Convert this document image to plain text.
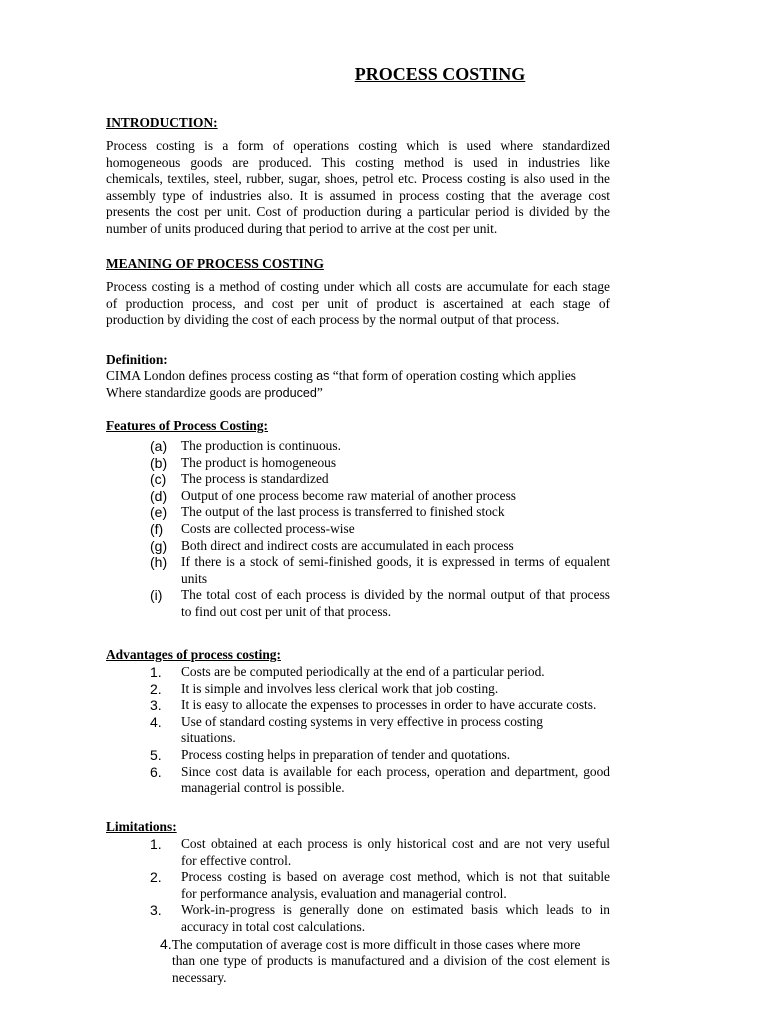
PROCESS COSTING
INTRODUCTION:

Process costing is a form of operations costing which is used where standardized
homogeneous goods are produced. This costing method is used in industries like
chemicals, textiles, steel, rubber, sugar, shoes, petrol etc. Process costing is also used in the
assembly type of industries also. It is assumed in process costing that the average cost
presents the cost per unit. Cost of production during a particular period is divided by the
number of units produced during that period to arrive at the cost per unit.

MEANING OF PROCESS COSTING

Process costing is a method of costing under which all costs are accumulate for each stage
of production process, and cost per unit of product is ascertained at each stage of
production by dividing the cost of each process by the normal output of that process.

Definition:
CIMA London defines process costing as “that form of operation costing which applies
Where standardize goods are produced”
Features of Process Costing:
(a) The production is continuous.
(b) The product is homogeneous
(c) The process is standardized
(d) Output of one process become raw material of another process
(e) The output of the last process is transferred to finished stock
(f) Costs are collected process-wise
(g) Both direct and indirect costs are accumulated in each process
(h) If there is a stock of semi-finished goods, it is expressed in terms of equalent
units
(i) The total cost of each process is divided by the normal output of that process
to find out cost per unit of that process.
Advantages of process costing:
1. Costs are be computed periodically at the end of a particular period.
2. It is simple and involves less clerical work that job costing.
3. It is easy to allocate the expenses to processes in order to have accurate costs.
4. Use of standard costing systems in very effective in process costing
situations.
5. Process costing helps in preparation of tender and quotations.
6. Since cost data is available for each process, operation and department, good
managerial control is possible.
Limitations:
1. Cost obtained at each process is only historical cost and are not very useful
for effective control.
2. Process costing is based on average cost method, which is not that suitable
for performance analysis, evaluation and managerial control.
3. Work-in-progress is generally done on estimated basis which leads to in
accuracy in total cost calculations.
4.The computation of average cost is more difficult in those cases where more
than one type of products is manufactured and a division of the cost element is
necessary.
